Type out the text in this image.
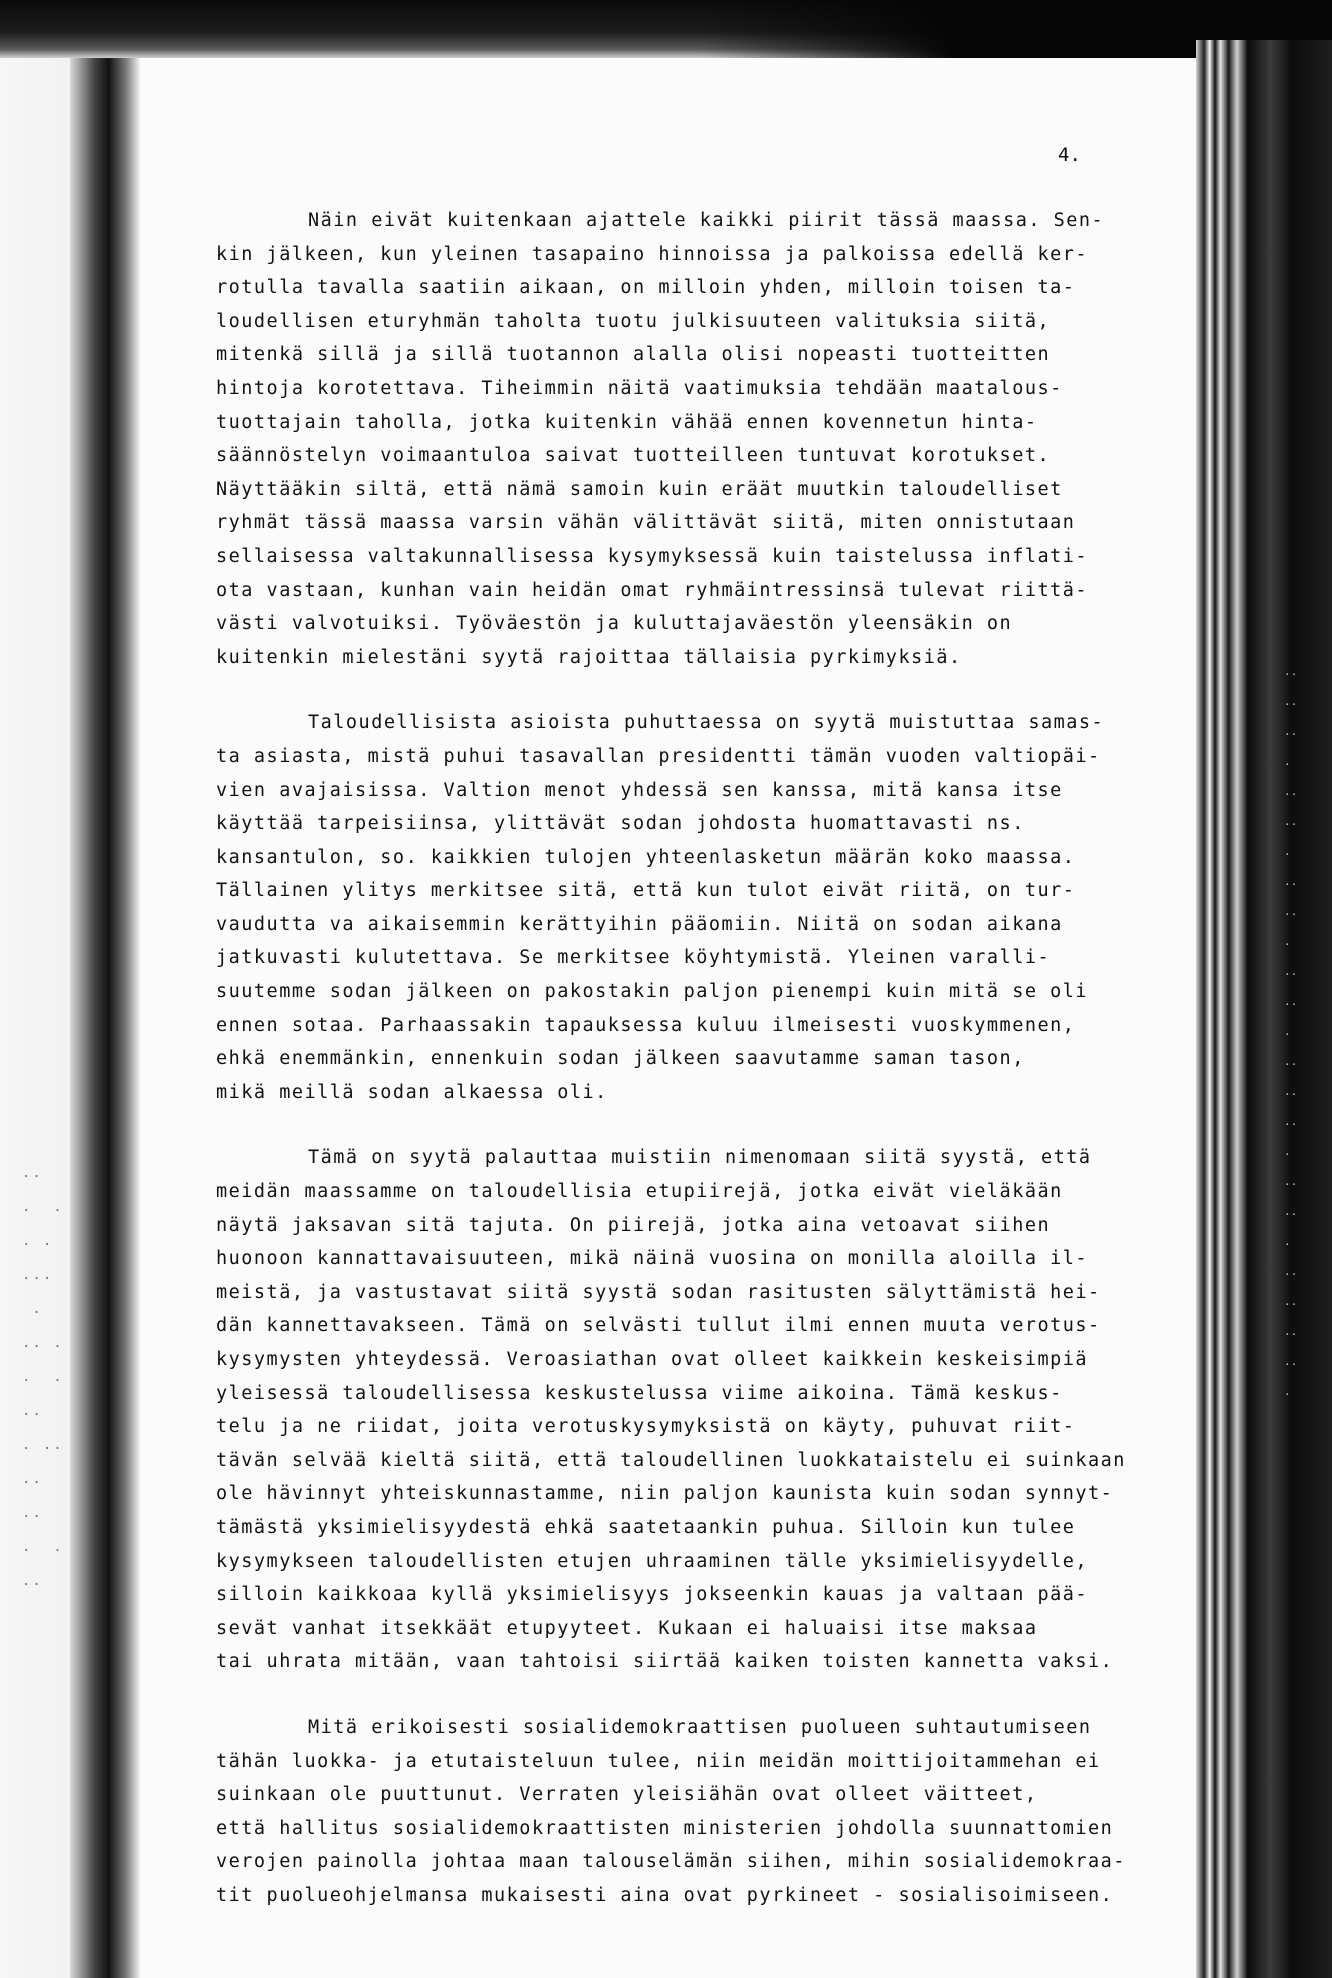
⋅⋅
·  ⋅
⋅ ·
⋅⋅·
·
·⋅ ⋅
⋅  ·
·⋅
⋅ ··
·⋅
⋅⋅
·  ⋅
⋅·
⋅·
·⋅
⋅⋅
·
⋅·
··
⋅
·⋅
⋅·
·
⋅⋅
·⋅
⋅
··
⋅·
·⋅
⋅
·⋅
⋅·
·
⋅⋅
·⋅
⋅·
··
⋅
4.
Näin eivät kuitenkaan ajattele kaikki piirit tässä maassa. Sen-
kin jälkeen, kun yleinen tasapaino hinnoissa ja palkoissa edellä ker-
rotulla tavalla saatiin aikaan, on milloin yhden, milloin toisen ta-
loudellisen eturyhmän taholta tuotu julkisuuteen valituksia siitä,
mitenkä sillä ja sillä tuotannon alalla olisi nopeasti tuotteitten
hintoja korotettava. Tiheimmin näitä vaatimuksia tehdään maatalous-
tuottajain taholla, jotka kuitenkin vähää ennen kovennetun hinta-
säännöstelyn voimaantuloa saivat tuotteilleen tuntuvat korotukset.
Näyttääkin siltä, että nämä samoin kuin eräät muutkin taloudelliset
ryhmät tässä maassa varsin vähän välittävät siitä, miten onnistutaan
sellaisessa valtakunnallisessa kysymyksessä kuin taistelussa inflati-
ota vastaan, kunhan vain heidän omat ryhmäintressinsä tulevat riittä-
västi valvotuiksi. Työväestön ja kuluttajaväestön yleensäkin on
kuitenkin mielestäni syytä rajoittaa tällaisia pyrkimyksiä.
Taloudellisista asioista puhuttaessa on syytä muistuttaa samas-
ta asiasta, mistä puhui tasavallan presidentti tämän vuoden valtiopäi-
vien avajaisissa. Valtion menot yhdessä sen kanssa, mitä kansa itse
käyttää tarpeisiinsa, ylittävät sodan johdosta huomattavasti ns.
kansantulon, so. kaikkien tulojen yhteenlasketun määrän koko maassa.
Tällainen ylitys merkitsee sitä, että kun tulot eivät riitä, on tur-
vaudutta va aikaisemmin kerättyihin pääomiin. Niitä on sodan aikana
jatkuvasti kulutettava. Se merkitsee köyhtymistä. Yleinen varalli-
suutemme sodan jälkeen on pakostakin paljon pienempi kuin mitä se oli
ennen sotaa. Parhaassakin tapauksessa kuluu ilmeisesti vuoskymmenen,
ehkä enemmänkin, ennenkuin sodan jälkeen saavutamme saman tason,
mikä meillä sodan alkaessa oli.
Tämä on syytä palauttaa muistiin nimenomaan siitä syystä, että
meidän maassamme on taloudellisia etupiirejä, jotka eivät vieläkään
näytä jaksavan sitä tajuta. On piirejä, jotka aina vetoavat siihen
huonoon kannattavaisuuteen, mikä näinä vuosina on monilla aloilla il-
meistä, ja vastustavat siitä syystä sodan rasitusten sälyttämistä hei-
dän kannettavakseen. Tämä on selvästi tullut ilmi ennen muuta verotus-
kysymysten yhteydessä. Veroasiathan ovat olleet kaikkein keskeisimpiä
yleisessä taloudellisessa keskustelussa viime aikoina. Tämä keskus-
telu ja ne riidat, joita verotuskysymyksistä on käyty, puhuvat riit-
tävän selvää kieltä siitä, että taloudellinen luokkataistelu ei suinkaan
ole hävinnyt yhteiskunnastamme, niin paljon kaunista kuin sodan synnyt-
tämästä yksimielisyydestä ehkä saatetaankin puhua. Silloin kun tulee
kysymykseen taloudellisten etujen uhraaminen tälle yksimielisyydelle,
silloin kaikkoaa kyllä yksimielisyys jokseenkin kauas ja valtaan pää-
sevät vanhat itsekkäät etupyyteet. Kukaan ei haluaisi itse maksaa
tai uhrata mitään, vaan tahtoisi siirtää kaiken toisten kannetta vaksi.
Mitä erikoisesti sosialidemokraattisen puolueen suhtautumiseen
tähän luokka- ja etutaisteluun tulee, niin meidän moittijoitammehan ei
suinkaan ole puuttunut. Verraten yleisiähän ovat olleet väitteet,
että hallitus sosialidemokraattisten ministerien johdolla suunnattomien
verojen painolla johtaa maan talouselämän siihen, mihin sosialidemokraa-
tit puolueohjelmansa mukaisesti aina ovat pyrkineet - sosialisoimiseen.
